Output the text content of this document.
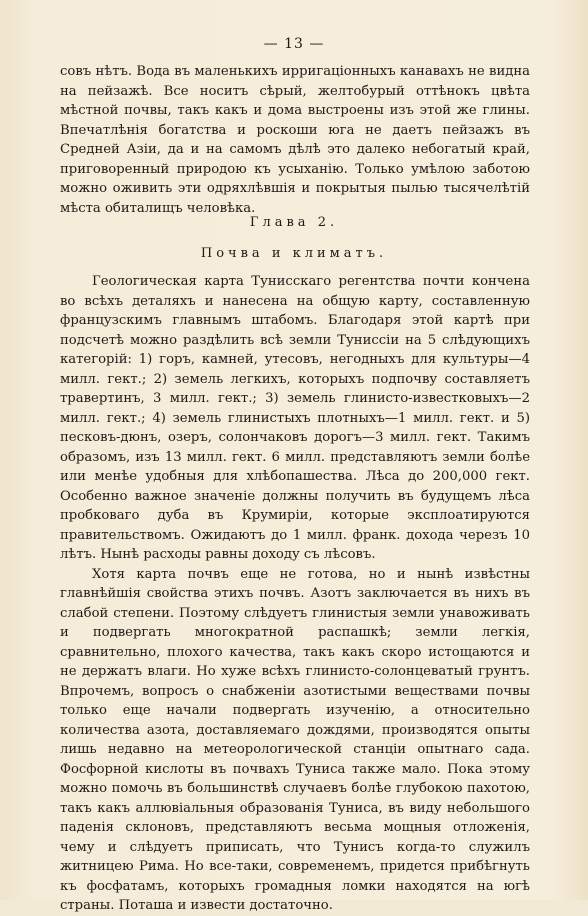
— 13 —

совъ нѣтъ. Вода въ маленькихъ ирригаціонныхъ канавахъ не видна на пейзажѣ. Все носитъ сѣрый, желтобурый оттѣнокъ цвѣта мѣстной почвы, такъ какъ и дома выстроены изъ этой же глины. Впечатлѣнія богатства и роскоши юга не даетъ пейзажъ въ Средней Азіи, да и на самомъ дѣлѣ это далеко небогатый край, приговоренный природою къ усыханію. Только умѣлою заботою можно оживить эти одряхлѣвшія и покрытыя пылью тысячелѣтій мѣста обиталищъ человѣка.

Глава 2.
Почва и климатъ.

Геологическая карта Тунисскаго регентства почти кончена во всѣхъ деталяхъ и нанесена на общую карту, составленную французскимъ главнымъ штабомъ. Благодаря этой картѣ при подсчетѣ можно раздѣлить всѣ земли Туниссіи на 5 слѣдующихъ категорій: 1) горъ, камней, утесовъ, негодныхъ для культуры—4 милл. гект.; 2) земель легкихъ, которыхъ подпочву составляетъ травертинъ, 3 милл. гект.; 3) земель глинисто-известковыхъ—2 милл. гект.; 4) земель глинистыхъ плотныхъ—1 милл. гект. и 5) песковъ-дюнъ, озеръ, солончаковъ дорогъ—3 милл. гект. Такимъ образомъ, изъ 13 милл. гект. 6 милл. представляютъ земли болѣе или менѣе удобныя для хлѣбопашества. Лѣса до 200,000 гект. Особенно важное значеніе должны получить въ будущемъ лѣса пробковаго дуба въ Крумиріи, которые эксплоатируются правительствомъ. Ожидаютъ до 1 милл. франк. дохода черезъ 10 лѣтъ. Нынѣ расходы равны доходу съ лѣсовъ.

Хотя карта почвъ еще не готова, но и нынѣ извѣстны главнѣйшія свойства этихъ почвъ. Азотъ заключается въ нихъ въ слабой степени. Поэтому слѣдуетъ глинистыя земли унавоживать и подвергать многократной распашкѣ; земли легкія, сравнительно, плохого качества, такъ какъ скоро истощаются и не держатъ влаги. Но хуже всѣхъ глинисто-солонцеватый грунтъ. Впрочемъ, вопросъ о снабженіи азотистыми веществами почвы только еще начали подвергать изученію, а относительно количества азота, доставляемаго дождями, производятся опыты лишь недавно на метеорологической станціи опытнаго сада. Фосфорной кислоты въ почвахъ Туниса также мало. Пока этому можно помочь въ большинствѣ случаевъ болѣе глубокою пахотою, такъ какъ аллювіальныя образованія Туниса, въ виду небольшого паденія склоновъ, представляютъ весьма мощныя отложенія, чему и слѣдуетъ приписать, что Тунисъ когда-то служилъ житницею Рима. Но все-таки, современемъ, придется прибѣгнуть къ фосфатамъ, которыхъ громадныя ломки находятся на югѣ страны. Поташа и извести достаточно.
